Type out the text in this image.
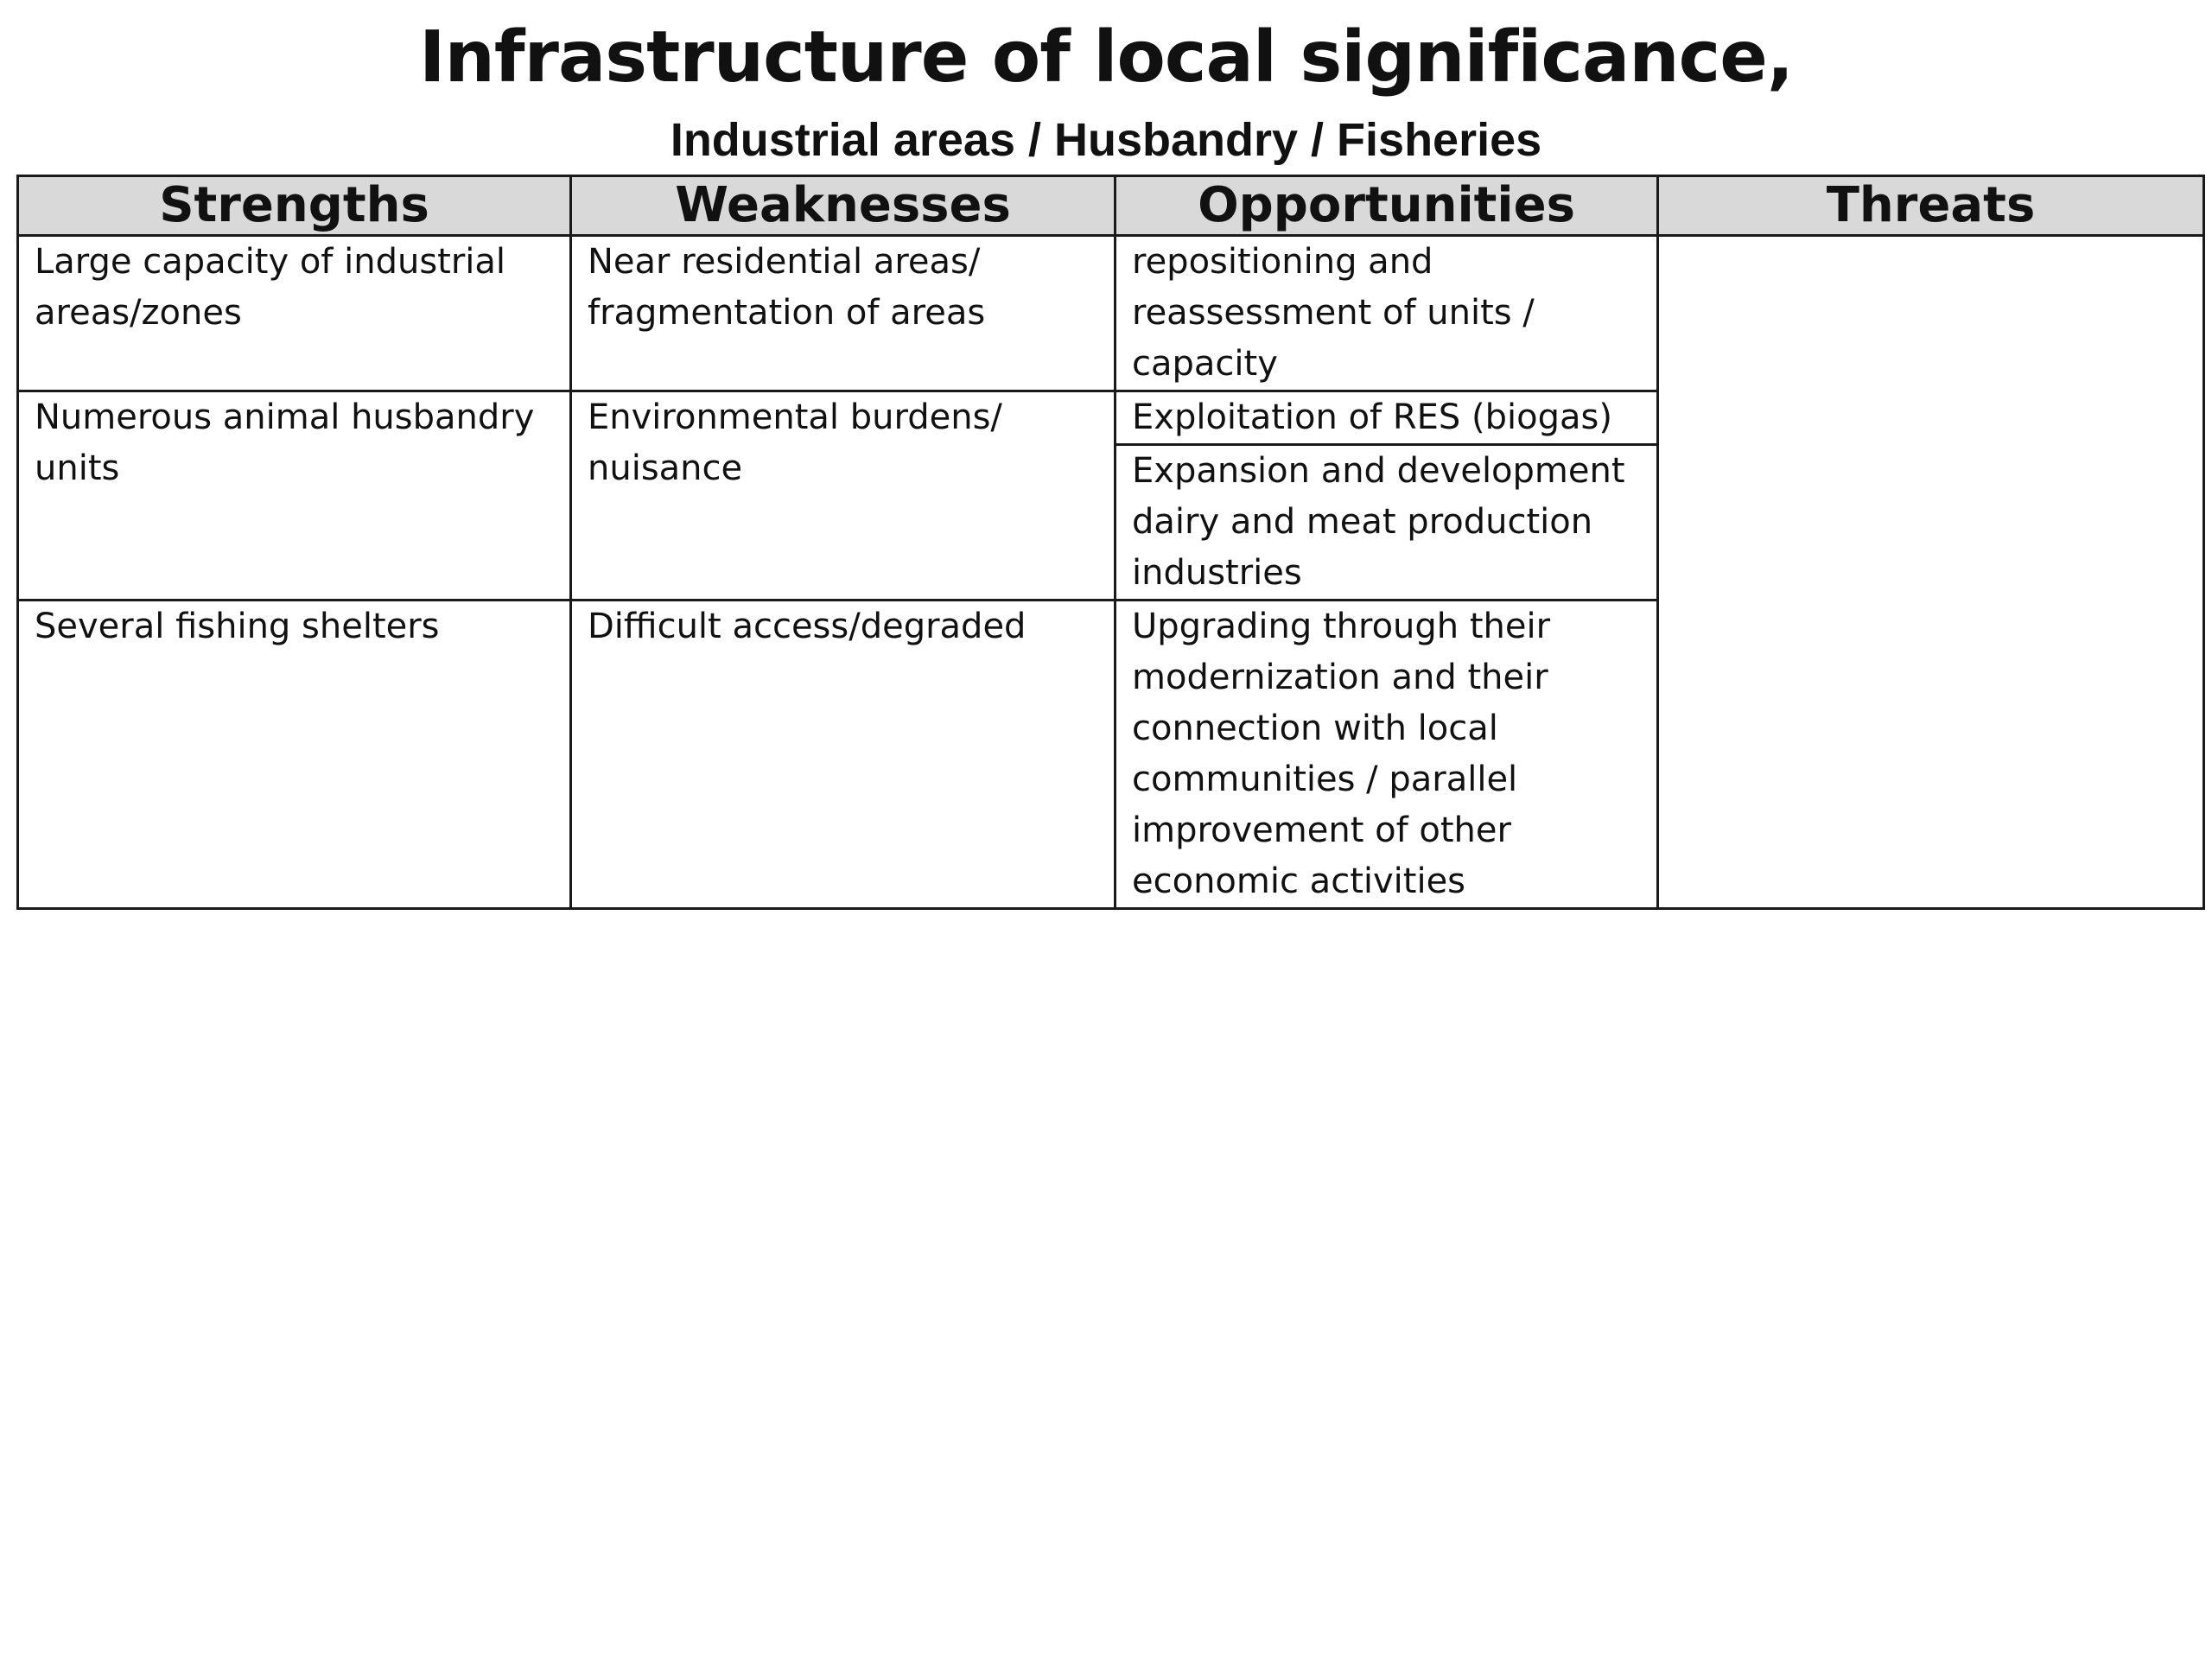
Infrastructure of local significance,
Industrial areas / Husbandry / Fisheries
Strengths	Weaknesses	Opportunities	Threats
Large capacity of industrial areas/zones	Near residential areas/ fragmentation of areas	repositioning and reassessment of units / capacity	
Numerous animal husbandry units	Environmental burdens/ nuisance	Exploitation of RES (biogas)	
		Expansion and development dairy and meat production industries	
Several fishing shelters	Difficult access/degraded	Upgrading through their modernization and their connection with local communities / parallel improvement of other economic activities	
